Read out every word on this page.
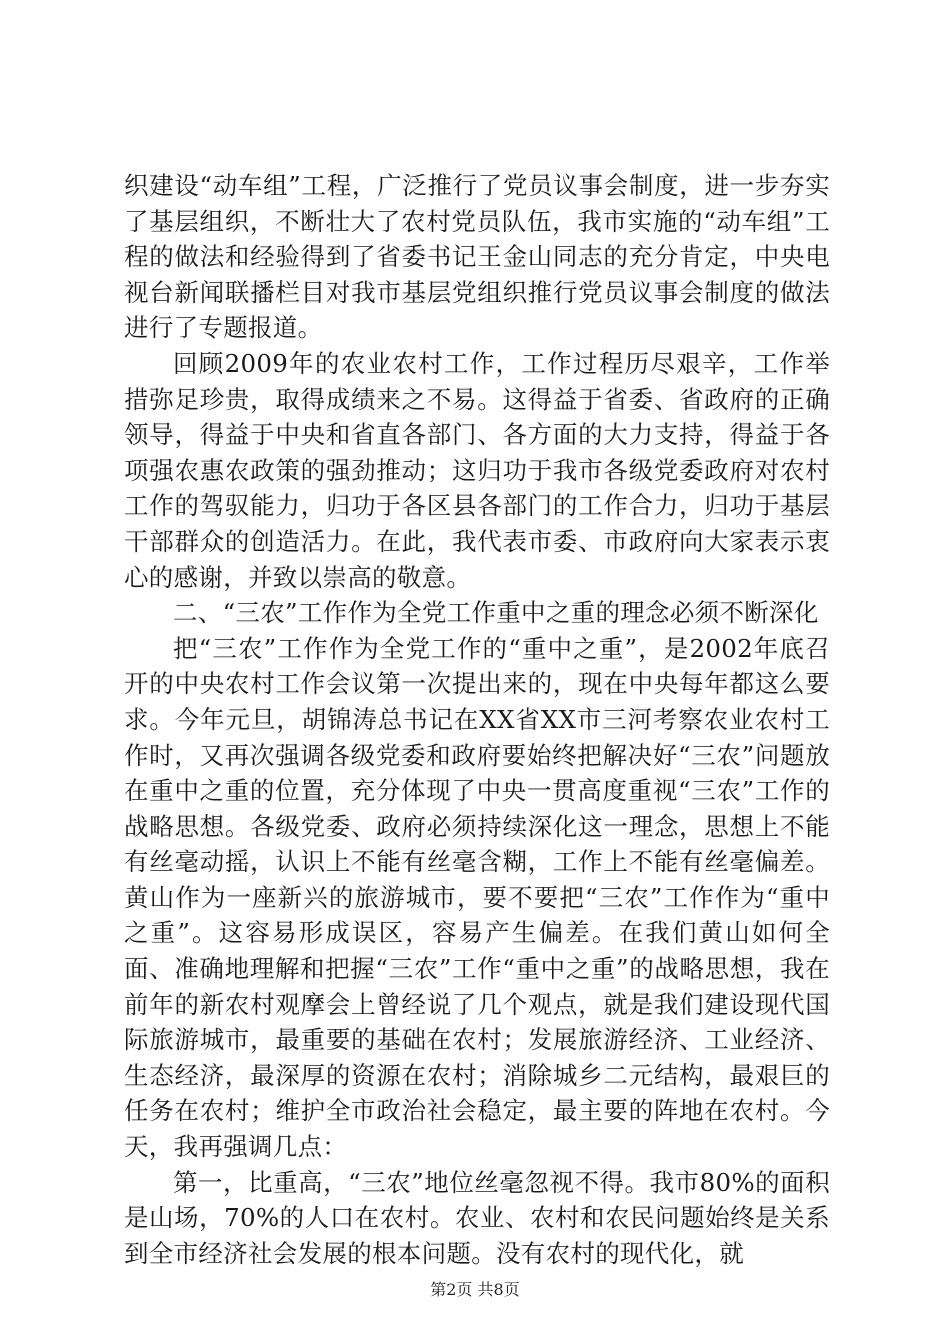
织建设“动车组”工程，广泛推行了党员议事会制度，进一步夯实了基层组织，不断壮大了农村党员队伍，我市实施的“动车组”工程的做法和经验得到了省委书记王金山同志的充分肯定，中央电视台新闻联播栏目对我市基层党组织推行党员议事会制度的做法进行了专题报道。

回顾2009年的农业农村工作，工作过程历尽艰辛，工作举措弥足珍贵，取得成绩来之不易。这得益于省委、省政府的正确领导，得益于中央和省直各部门、各方面的大力支持，得益于各项强农惠农政策的强劲推动；这归功于我市各级党委政府对农村工作的驾驭能力，归功于各区县各部门的工作合力，归功于基层干部群众的创造活力。在此，我代表市委、市政府向大家表示衷心的感谢，并致以崇高的敬意。

二、“三农”工作作为全党工作重中之重的理念必须不断深化

把“三农”工作作为全党工作的“重中之重”，是2002年底召开的中央农村工作会议第一次提出来的，现在中央每年都这么要求。今年元旦，胡锦涛总书记在XX省XX市三河考察农业农村工作时，又再次强调各级党委和政府要始终把解决好“三农”问题放在重中之重的位置，充分体现了中央一贯高度重视“三农”工作的战略思想。各级党委、政府必须持续深化这一理念，思想上不能有丝毫动摇，认识上不能有丝毫含糊，工作上不能有丝毫偏差。黄山作为一座新兴的旅游城市，要不要把“三农”工作作为“重中之重”。这容易形成误区，容易产生偏差。在我们黄山如何全面、准确地理解和把握“三农”工作“重中之重”的战略思想，我在前年的新农村观摩会上曾经说了几个观点，就是我们建设现代国际旅游城市，最重要的基础在农村；发展旅游经济、工业经济、生态经济，最深厚的资源在农村；消除城乡二元结构，最艰巨的任务在农村；维护全市政治社会稳定，最主要的阵地在农村。今天，我再强调几点：

第一，比重高，“三农”地位丝毫忽视不得。我市80%的面积是山场，70%的人口在农村。农业、农村和农民问题始终是关系到全市经济社会发展的根本问题。没有农村的现代化，就

第2页 共8页
